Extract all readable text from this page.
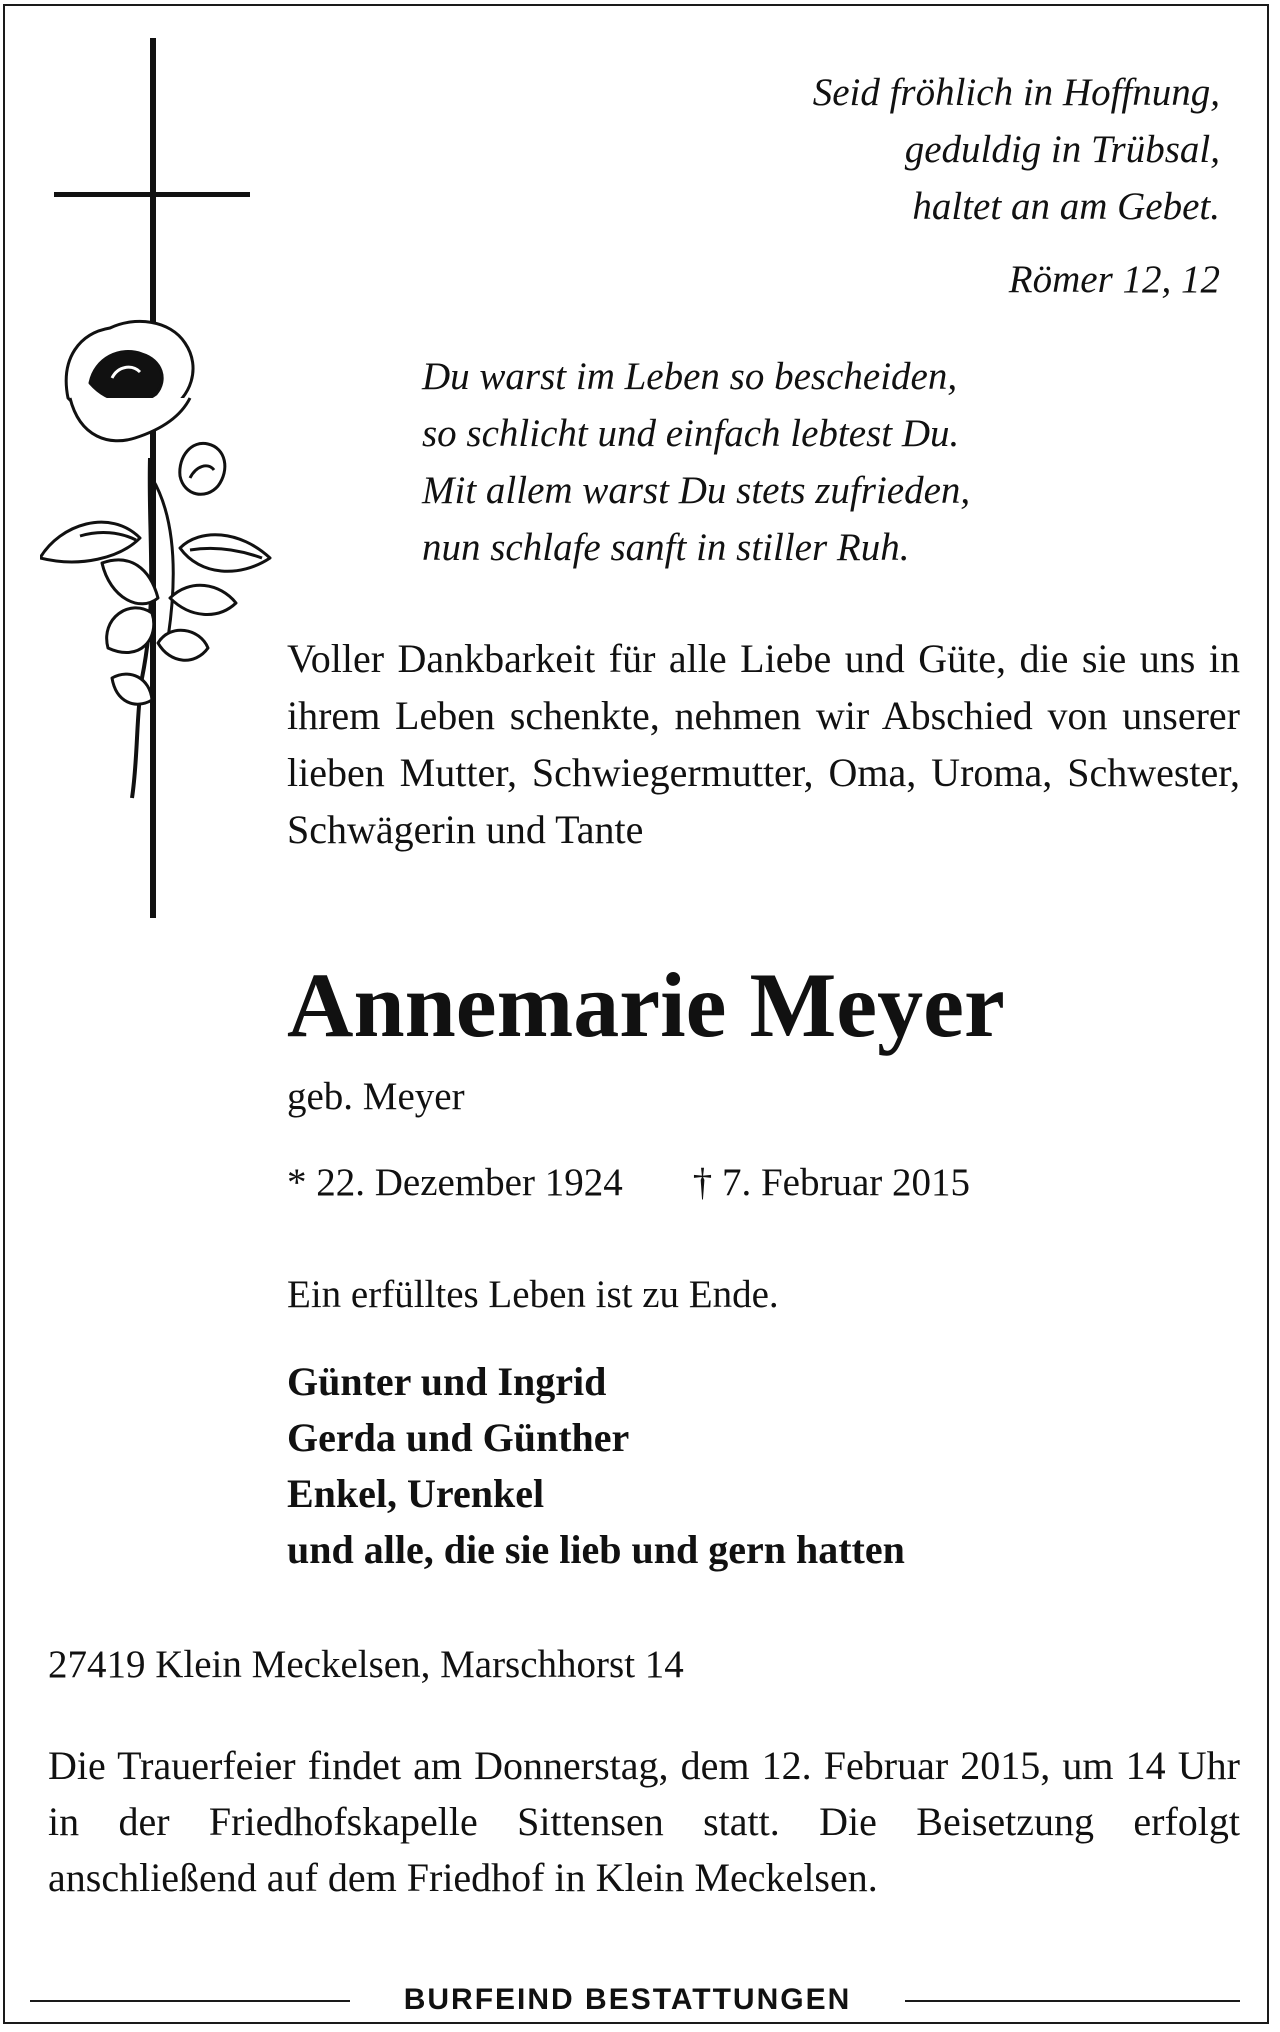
Seid fröhlich in Hoffnung,
geduldig in Trübsal,
haltet an am Gebet.
Römer 12, 12
Du warst im Leben so bescheiden,
so schlicht und einfach lebtest Du.
Mit allem warst Du stets zufrieden,
nun schlafe sanft in stiller Ruh.
Voller Dankbarkeit für alle Liebe und Güte, die sie uns in ihrem Leben schenkte, nehmen wir Abschied von unserer lieben Mutter, Schwiegermutter, Oma, Uroma, Schwester, Schwägerin und Tante
Annemarie Meyer
geb. Meyer
* 22. Dezember 1924 † 7. Februar 2015
Ein erfülltes Leben ist zu Ende.
Günter und Ingrid
Gerda und Günther
Enkel, Urenkel
und alle, die sie lieb und gern hatten
27419 Klein Meckelsen, Marschhorst 14
Die Trauerfeier findet am Donnerstag, dem 12. Februar 2015, um 14 Uhr in der Friedhofskapelle Sittensen statt. Die Beisetzung erfolgt anschließend auf dem Friedhof in Klein Meckelsen.
BURFEIND BESTATTUNGEN
